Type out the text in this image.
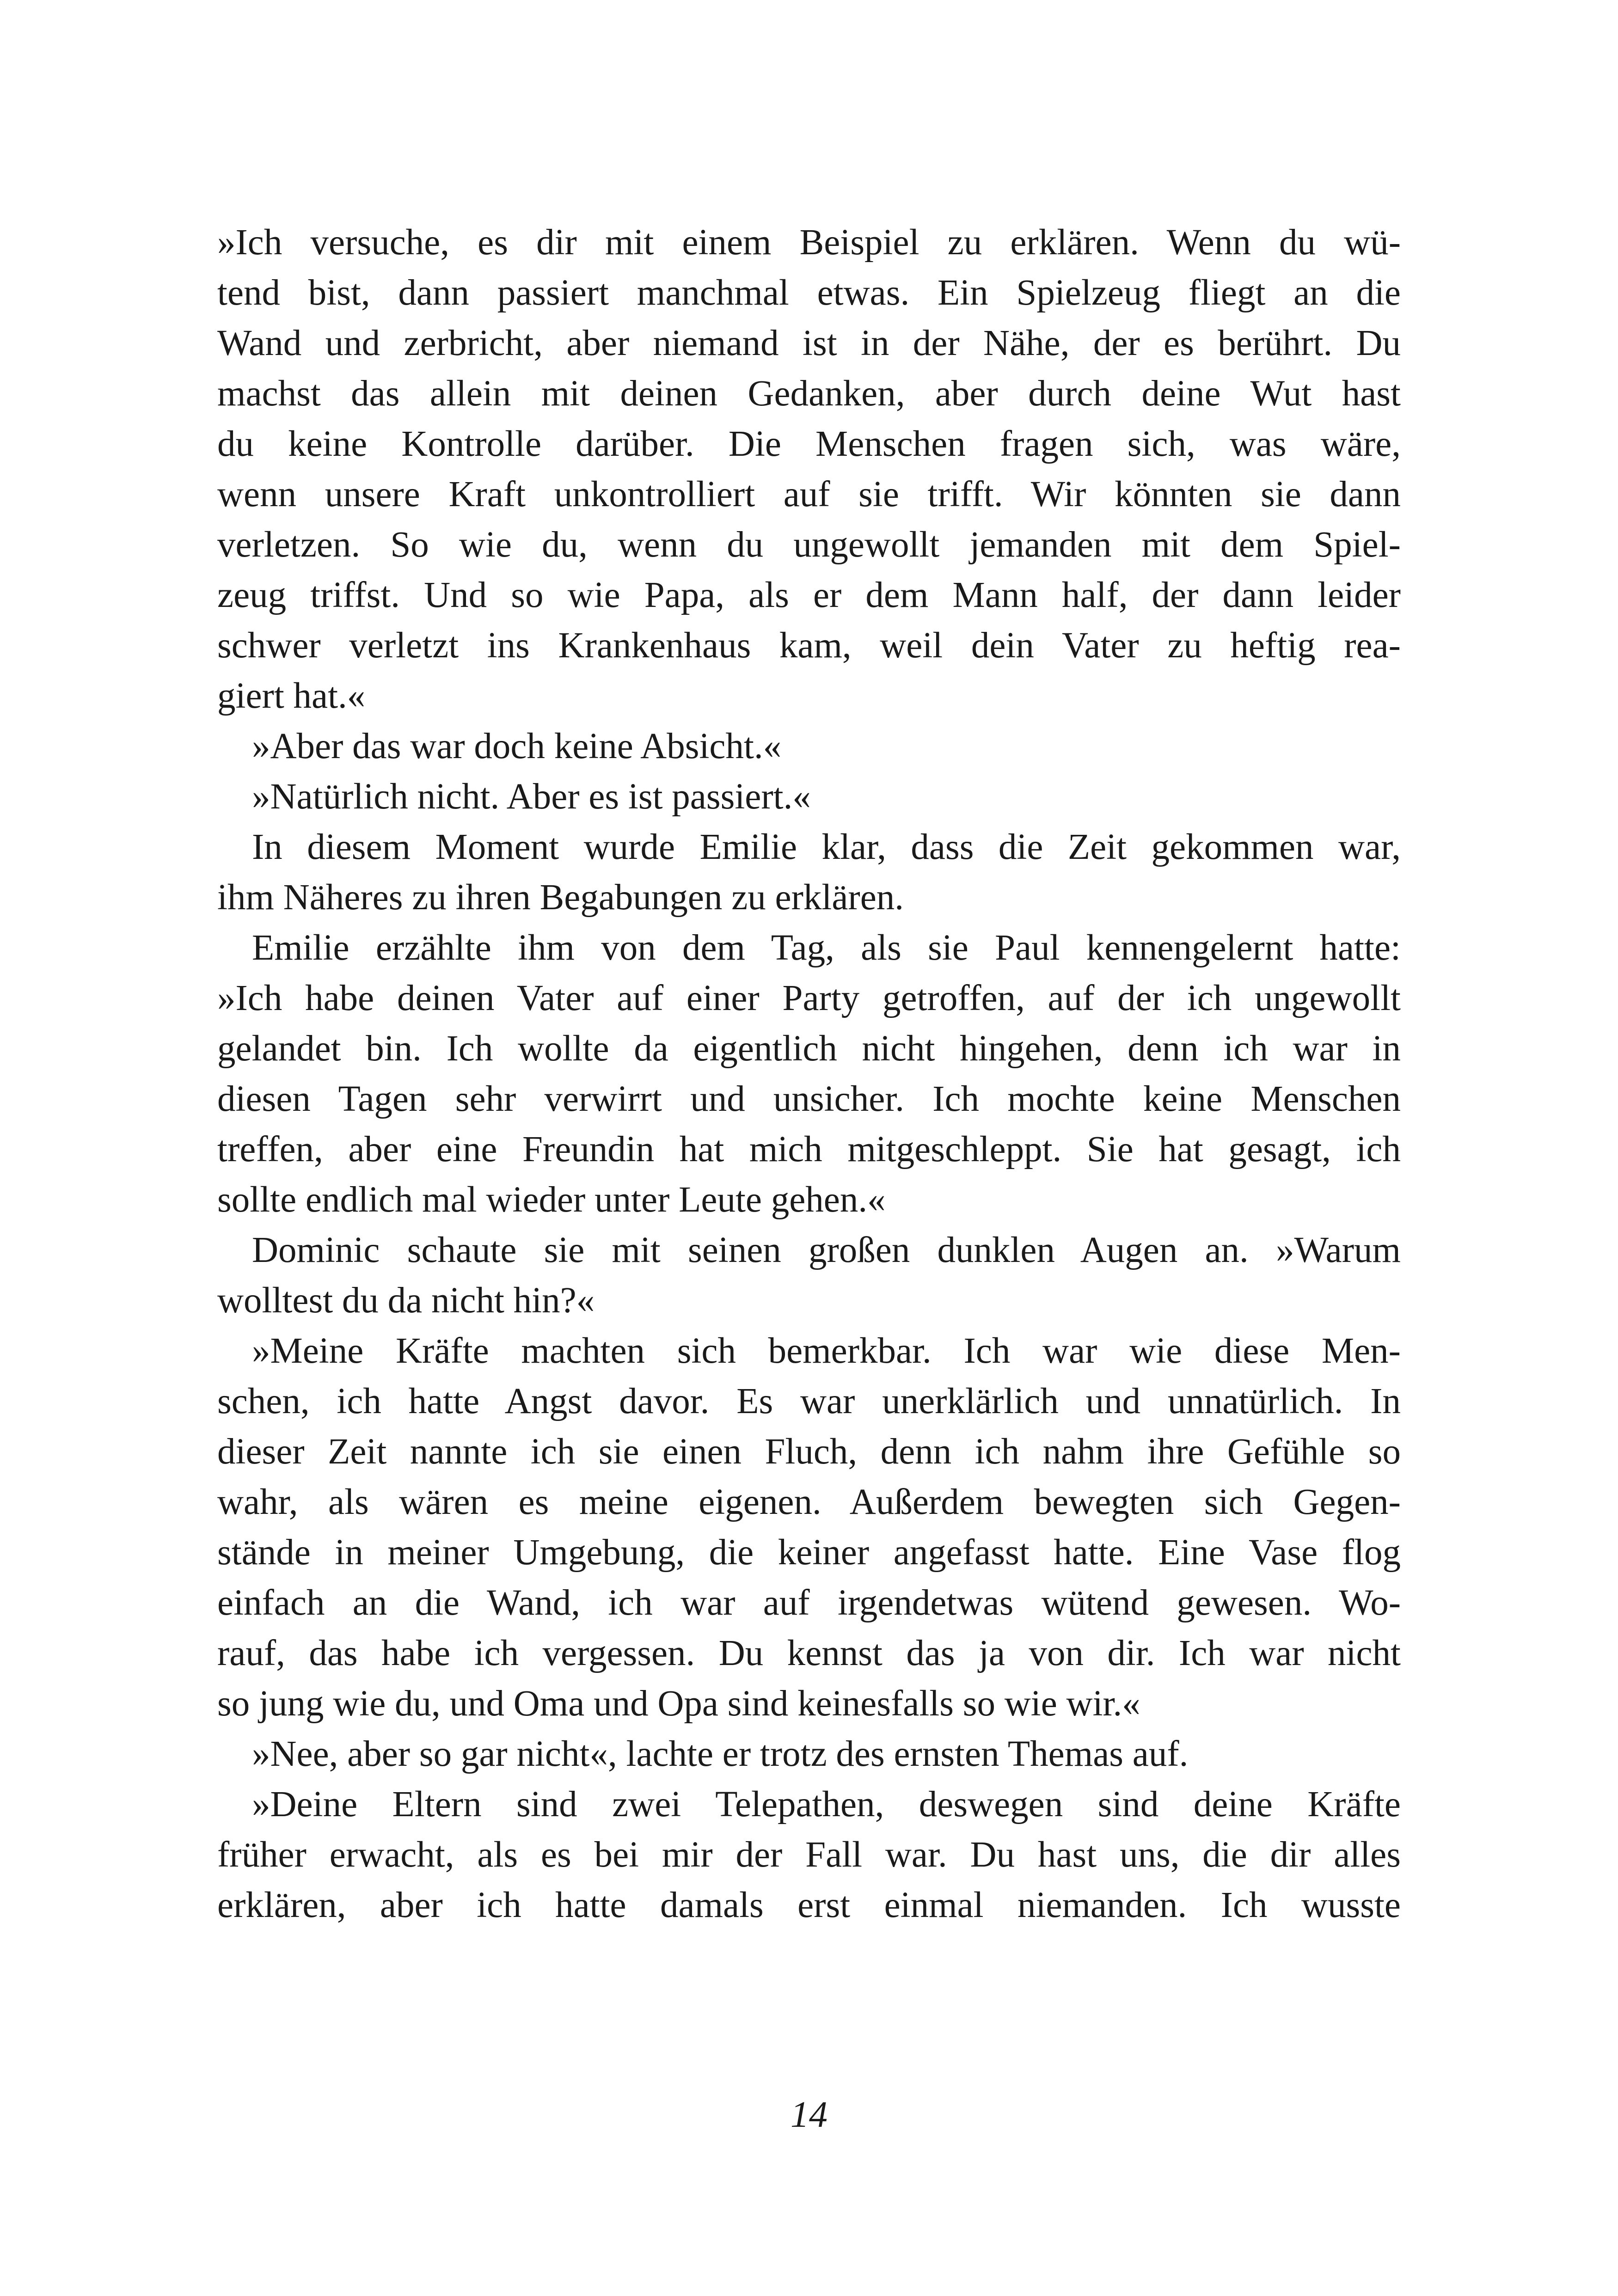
»Ich versuche, es dir mit einem Beispiel zu erklären. Wenn du wü-
tend bist, dann passiert manchmal etwas. Ein Spielzeug fliegt an die
Wand und zerbricht, aber niemand ist in der Nähe, der es berührt. Du
machst das allein mit deinen Gedanken, aber durch deine Wut hast
du keine Kontrolle darüber. Die Menschen fragen sich, was wäre,
wenn unsere Kraft unkontrolliert auf sie trifft. Wir könnten sie dann
verletzen. So wie du, wenn du ungewollt jemanden mit dem Spiel-
zeug triffst. Und so wie Papa, als er dem Mann half, der dann leider
schwer verletzt ins Krankenhaus kam, weil dein Vater zu heftig rea-
giert hat.«
»Aber das war doch keine Absicht.«
»Natürlich nicht. Aber es ist passiert.«
In diesem Moment wurde Emilie klar, dass die Zeit gekommen war,
ihm Näheres zu ihren Begabungen zu erklären.
Emilie erzählte ihm von dem Tag, als sie Paul kennengelernt hatte:
»Ich habe deinen Vater auf einer Party getroffen, auf der ich ungewollt
gelandet bin. Ich wollte da eigentlich nicht hingehen, denn ich war in
diesen Tagen sehr verwirrt und unsicher. Ich mochte keine Menschen
treffen, aber eine Freundin hat mich mitgeschleppt. Sie hat gesagt, ich
sollte endlich mal wieder unter Leute gehen.«
Dominic schaute sie mit seinen großen dunklen Augen an. »Warum
wolltest du da nicht hin?«
»Meine Kräfte machten sich bemerkbar. Ich war wie diese Men-
schen, ich hatte Angst davor. Es war unerklärlich und unnatürlich. In
dieser Zeit nannte ich sie einen Fluch, denn ich nahm ihre Gefühle so
wahr, als wären es meine eigenen. Außerdem bewegten sich Gegen-
stände in meiner Umgebung, die keiner angefasst hatte. Eine Vase flog
einfach an die Wand, ich war auf irgendetwas wütend gewesen. Wo-
rauf, das habe ich vergessen. Du kennst das ja von dir. Ich war nicht
so jung wie du, und Oma und Opa sind keinesfalls so wie wir.«
»Nee, aber so gar nicht«, lachte er trotz des ernsten Themas auf.
»Deine Eltern sind zwei Telepathen, deswegen sind deine Kräfte
früher erwacht, als es bei mir der Fall war. Du hast uns, die dir alles
erklären, aber ich hatte damals erst einmal niemanden. Ich wusste
14
